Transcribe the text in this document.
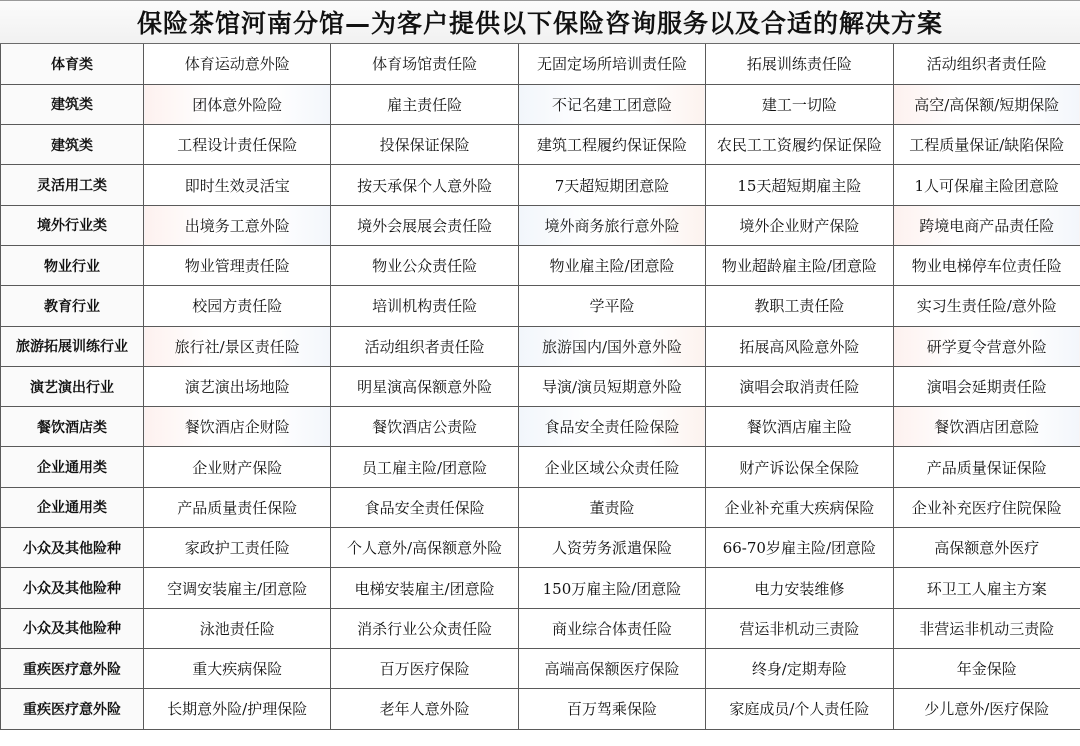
保险茶馆河南分馆—为客户提供以下保险咨询服务以及合适的解决方案
体育类	体育运动意外险	体育场馆责任险	无固定场所培训责任险	拓展训练责任险	活动组织者责任险
建筑类	团体意外险险	雇主责任险	不记名建工团意险	建工一切险	高空/高保额/短期保险
建筑类	工程设计责任保险	投保保证保险	建筑工程履约保证保险	农民工工资履约保证保险	工程质量保证/缺陷保险
灵活用工类	即时生效灵活宝	按天承保个人意外险	7天超短期团意险	15天超短期雇主险	1人可保雇主险团意险
境外行业类	出境务工意外险	境外会展展会责任险	境外商务旅行意外险	境外企业财产保险	跨境电商产品责任险
物业行业	物业管理责任险	物业公众责任险	物业雇主险/团意险	物业超龄雇主险/团意险	物业电梯停车位责任险
教育行业	校园方责任险	培训机构责任险	学平险	教职工责任险	实习生责任险/意外险
旅游拓展训练行业	旅行社/景区责任险	活动组织者责任险	旅游国内/国外意外险	拓展高风险意外险	研学夏令营意外险
演艺演出行业	演艺演出场地险	明星演高保额意外险	导演/演员短期意外险	演唱会取消责任险	演唱会延期责任险
餐饮酒店类	餐饮酒店企财险	餐饮酒店公责险	食品安全责任险保险	餐饮酒店雇主险	餐饮酒店团意险
企业通用类	企业财产保险	员工雇主险/团意险	企业区域公众责任险	财产诉讼保全保险	产品质量保证保险
企业通用类	产品质量责任保险	食品安全责任保险	董责险	企业补充重大疾病保险	企业补充医疗住院保险
小众及其他险种	家政护工责任险	个人意外/高保额意外险	人资劳务派遣保险	66-70岁雇主险/团意险	高保额意外医疗
小众及其他险种	空调安装雇主/团意险	电梯安装雇主/团意险	150万雇主险/团意险	电力安装维修	环卫工人雇主方案
小众及其他险种	泳池责任险	消杀行业公众责任险	商业综合体责任险	营运非机动三责险	非营运非机动三责险
重疾医疗意外险	重大疾病保险	百万医疗保险	高端高保额医疗保险	终身/定期寿险	年金保险
重疾医疗意外险	长期意外险/护理保险	老年人意外险	百万驾乘保险	家庭成员/个人责任险	少儿意外/医疗保险
